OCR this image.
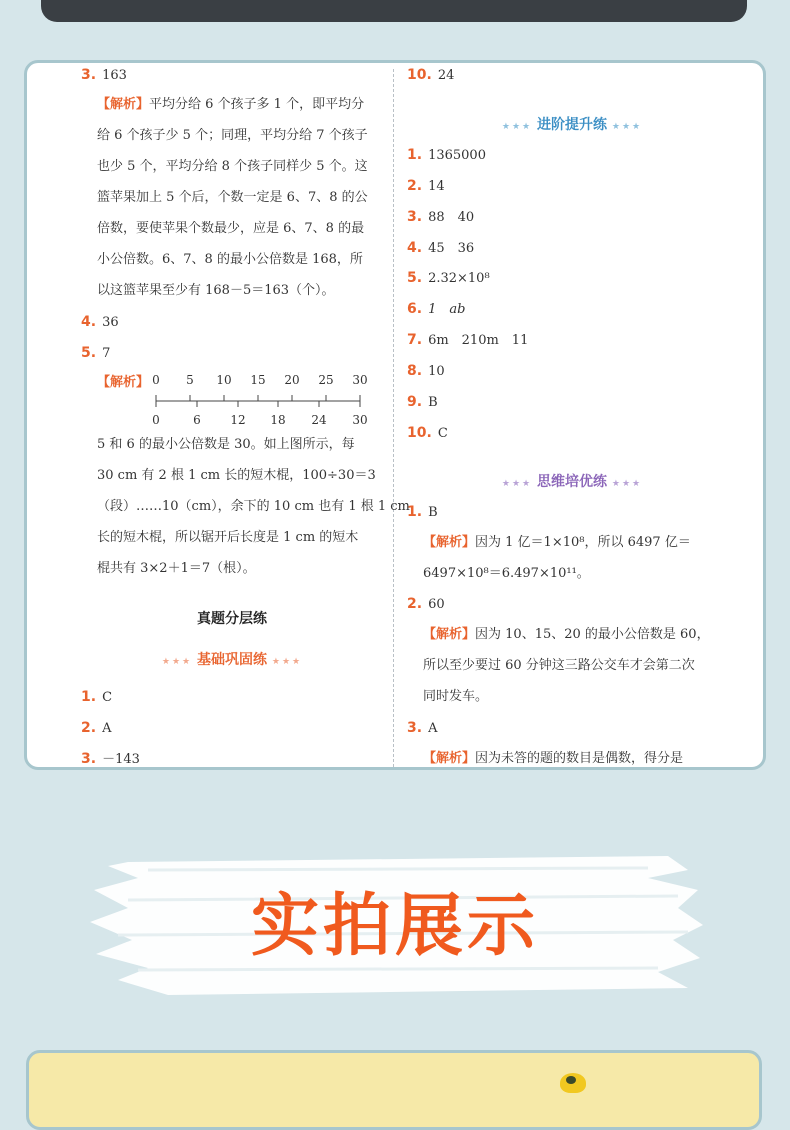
3. 163
【解析】平均分给 6 个孩子多 1 个，即平均分
给 6 个孩子少 5 个；同理，平均分给 7 个孩子
也少 5 个，平均分给 8 个孩子同样少 5 个。这
篮苹果加上 5 个后，个数一定是 6、7、8 的公
倍数，要使苹果个数最少，应是 6、7、8 的最
小公倍数。6、7、8 的最小公倍数是 168，所
以这篮苹果至少有 168－5＝163（个）。
4. 36
5. 7
【解析】 0	5	10	15	20	25	30
0	6	12	18	24	30
5 和 6 的最小公倍数是 30。如上图所示，每
30 cm 有 2 根 1 cm 长的短木棍，100÷30＝3
（段）……10（cm），余下的 10 cm 也有 1 根 1 cm
长的短木棍，所以锯开后长度是 1 cm 的短木
棍共有 3×2＋1＝7（根）。
真题分层练
★★★ 基础巩固练 ★★★
1. C
2. A
3. －143
10. 24
★★★ 进阶提升练 ★★★
1. 1365000
2. 14
3. 88　40
4. 45　36
5. 2.32×10⁸
6. 1　ab
7. 6m　210m　11
8. 10
9. B
10. C
★★★ 思维培优练 ★★★
1. B
【解析】因为 1 亿＝1×10⁸，所以 6497 亿＝
6497×10⁸＝6.497×10¹¹。
2. 60
【解析】因为 10、15、20 的最小公倍数是 60，
所以至少要过 60 分钟这三路公交车才会第二次
同时发车。
3. A
【解析】因为未答的题的数目是偶数，得分是
实拍展示
